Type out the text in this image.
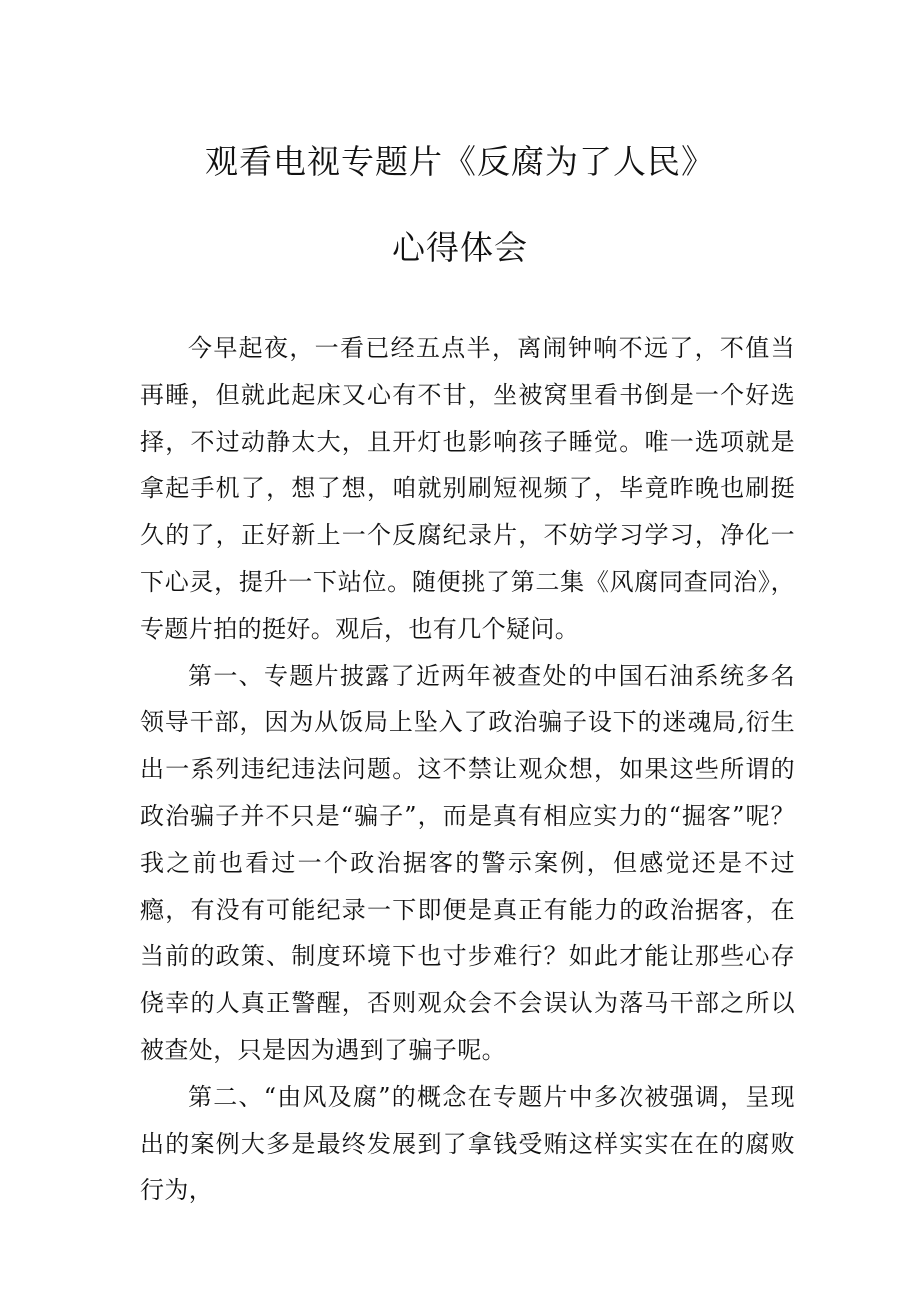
观看电视专题片《反腐为了人民》
心得体会

今早起夜，一看已经五点半，离闹钟响不远了，不值当再睡，但就此起床又心有不甘，坐被窝里看书倒是一个好选择，不过动静太大，且开灯也影响孩子睡觉。唯一选项就是拿起手机了，想了想，咱就别刷短视频了，毕竟昨晚也刷挺久的了，正好新上一个反腐纪录片，不妨学习学习，净化一下心灵，提升一下站位。随便挑了第二集《风腐同查同治》，专题片拍的挺好。观后，也有几个疑问。

第一、专题片披露了近两年被查处的中国石油系统多名领导干部，因为从饭局上坠入了政治骗子设下的迷魂局,衍生出一系列违纪违法问题。这不禁让观众想，如果这些所谓的政治骗子并不只是“骗子”，而是真有相应实力的“掘客”呢？我之前也看过一个政治据客的警示案例，但感觉还是不过瘾，有没有可能纪录一下即便是真正有能力的政治据客，在当前的政策、制度环境下也寸步难行？如此才能让那些心存侥幸的人真正警醒，否则观众会不会误认为落马干部之所以被查处，只是因为遇到了骗子呢。

第二、“由风及腐”的概念在专题片中多次被强调，呈现出的案例大多是最终发展到了拿钱受贿这样实实在在的腐败行为，
